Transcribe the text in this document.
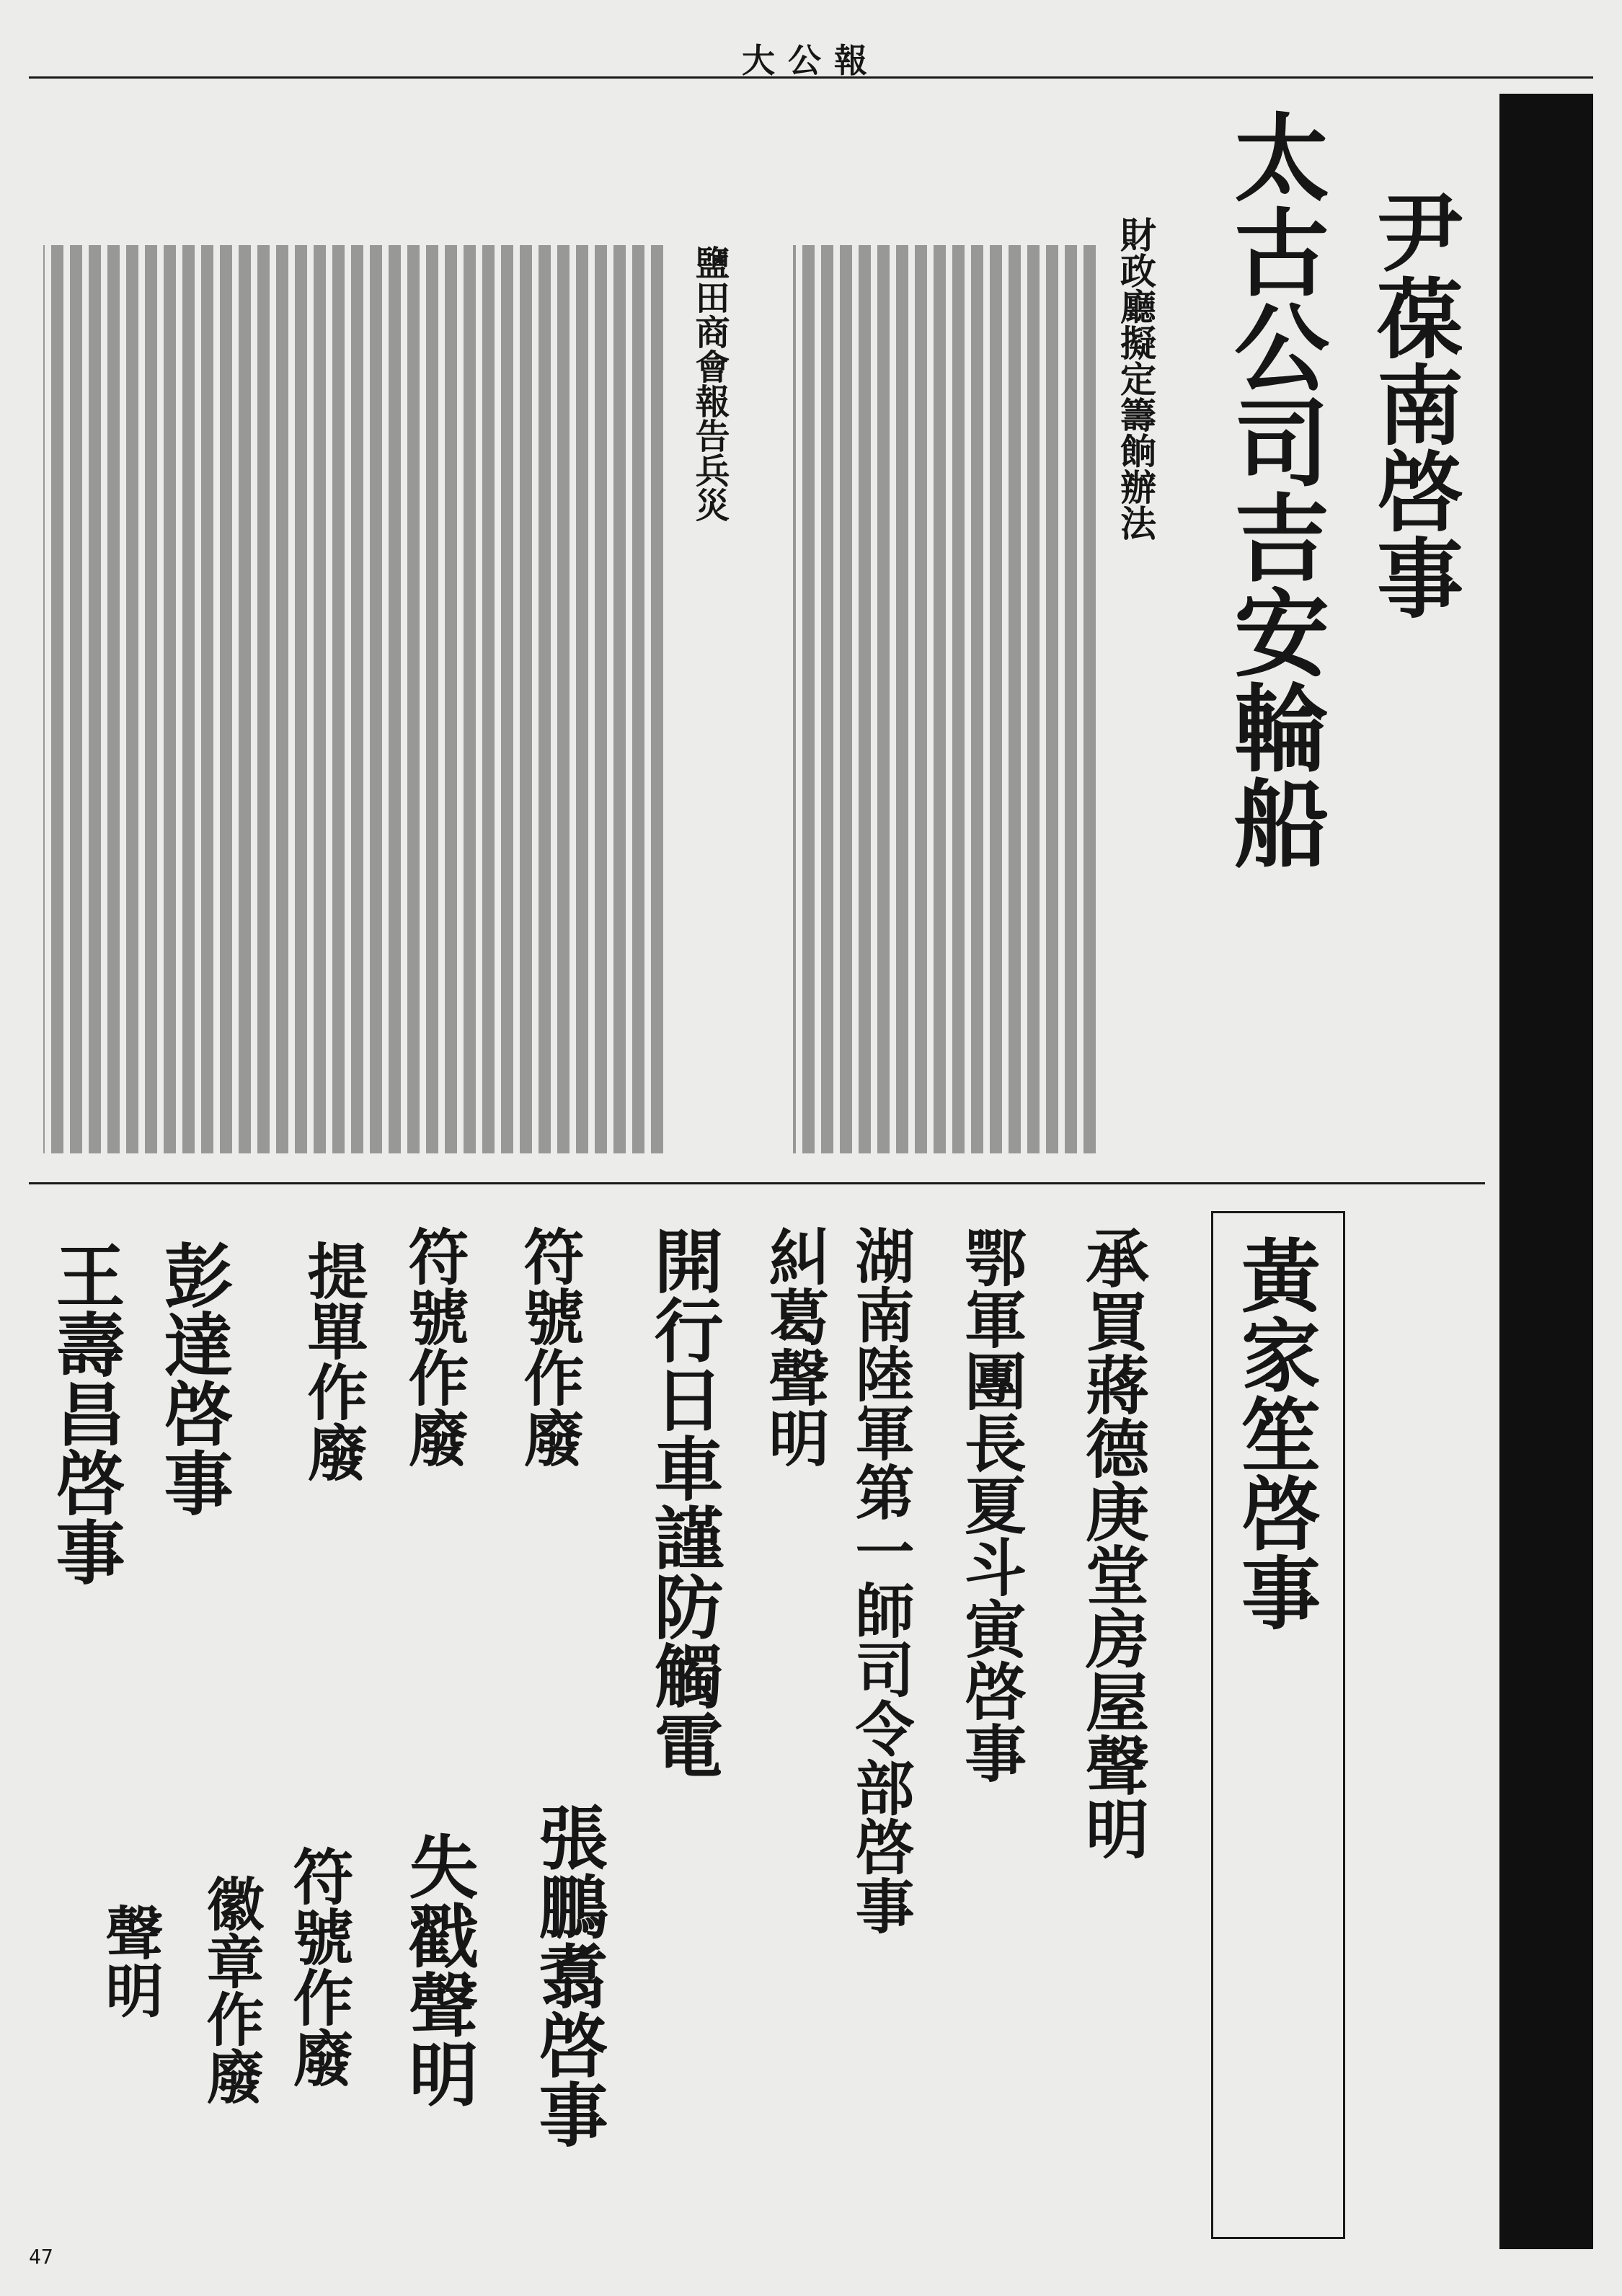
大公報
太古公司吉安輪船 尹葆南啓事
財政廳擬定籌餉辦法
鹽田商會報告兵災
黃家笙啓事
承買蔣德庚堂房屋聲明
鄂軍團長夏斗寅啓事
湖南陸軍第一師司令部啓事
糾葛聲明
開行日車謹防觸電
符號作廢
符號作廢
提單作廢
彭達啓事
王壽昌啓事
張鵬翥啓事
失戳聲明
符號作廢
徽章作廢
聲明
47
